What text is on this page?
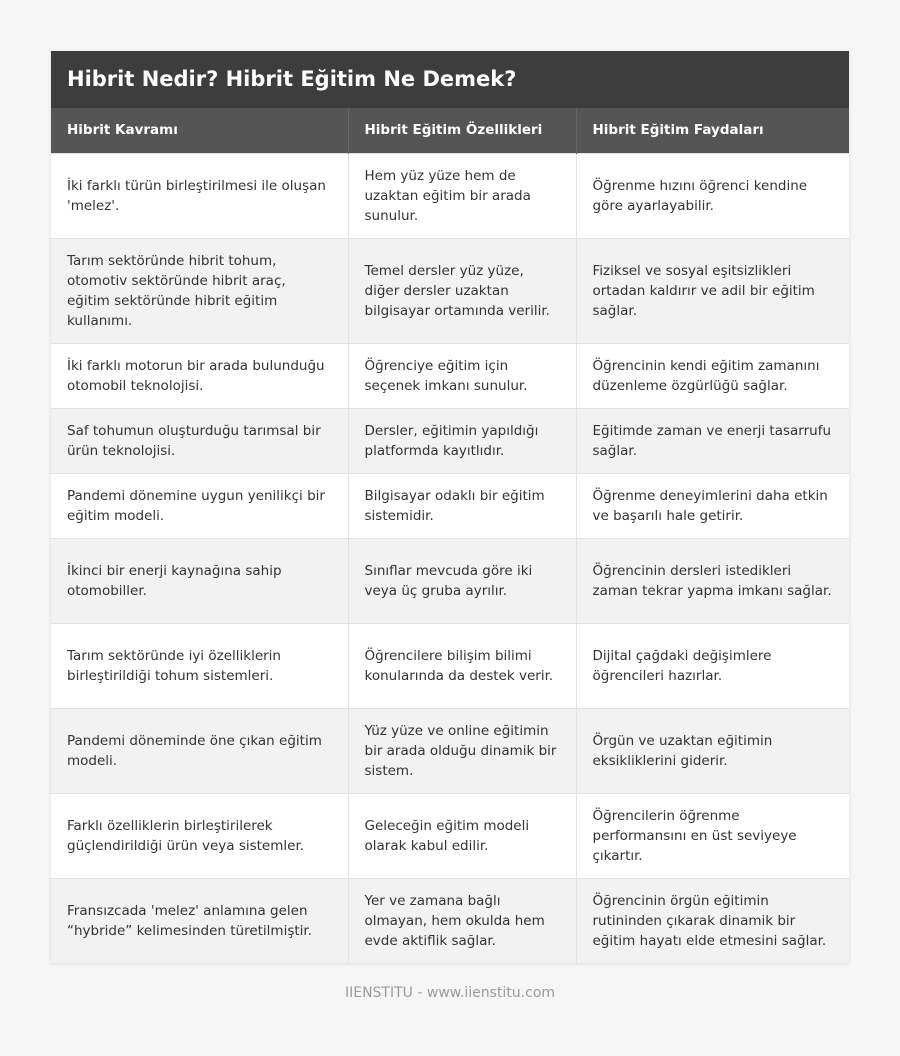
Hibrit Nedir? Hibrit Eğitim Ne Demek?
Hibrit Kavramı	Hibrit Eğitim Özellikleri	Hibrit Eğitim Faydaları
İki farklı türün birleştirilmesi ile oluşan 'melez'.	Hem yüz yüze hem de uzaktan eğitim bir arada sunulur.	Öğrenme hızını öğrenci kendine göre ayarlayabilir.
Tarım sektöründe hibrit tohum, otomotiv sektöründe hibrit araç, eğitim sektöründe hibrit eğitim kullanımı.	Temel dersler yüz yüze, diğer dersler uzaktan bilgisayar ortamında verilir.	Fiziksel ve sosyal eşitsizlikleri ortadan kaldırır ve adil bir eğitim sağlar.
İki farklı motorun bir arada bulunduğu otomobil teknolojisi.	Öğrenciye eğitim için seçenek imkanı sunulur.	Öğrencinin kendi eğitim zamanını düzenleme özgürlüğü sağlar.
Saf tohumun oluşturduğu tarımsal bir ürün teknolojisi.	Dersler, eğitimin yapıldığı platformda kayıtlıdır.	Eğitimde zaman ve enerji tasarrufu sağlar.
Pandemi dönemine uygun yenilikçi bir eğitim modeli.	Bilgisayar odaklı bir eğitim sistemidir.	Öğrenme deneyimlerini daha etkin ve başarılı hale getirir.
İkinci bir enerji kaynağına sahip otomobiller.	Sınıflar mevcuda göre iki veya üç gruba ayrılır.	Öğrencinin dersleri istedikleri zaman tekrar yapma imkanı sağlar.
Tarım sektöründe iyi özelliklerin birleştirildiği tohum sistemleri.	Öğrencilere bilişim bilimi konularında da destek verir.	Dijital çağdaki değişimlere öğrencileri hazırlar.
Pandemi döneminde öne çıkan eğitim modeli.	Yüz yüze ve online eğitimin bir arada olduğu dinamik bir sistem.	Örgün ve uzaktan eğitimin eksikliklerini giderir.
Farklı özelliklerin birleştirilerek güçlendirildiği ürün veya sistemler.	Geleceğin eğitim modeli olarak kabul edilir.	Öğrencilerin öğrenme performansını en üst seviyeye çıkartır.
Fransızcada 'melez' anlamına gelen “hybride” kelimesinden türetilmiştir.	Yer ve zamana bağlı olmayan, hem okulda hem evde aktiflik sağlar.	Öğrencinin örgün eğitimin rutininden çıkarak dinamik bir eğitim hayatı elde etmesini sağlar.
IIENSTITU - www.iienstitu.com
